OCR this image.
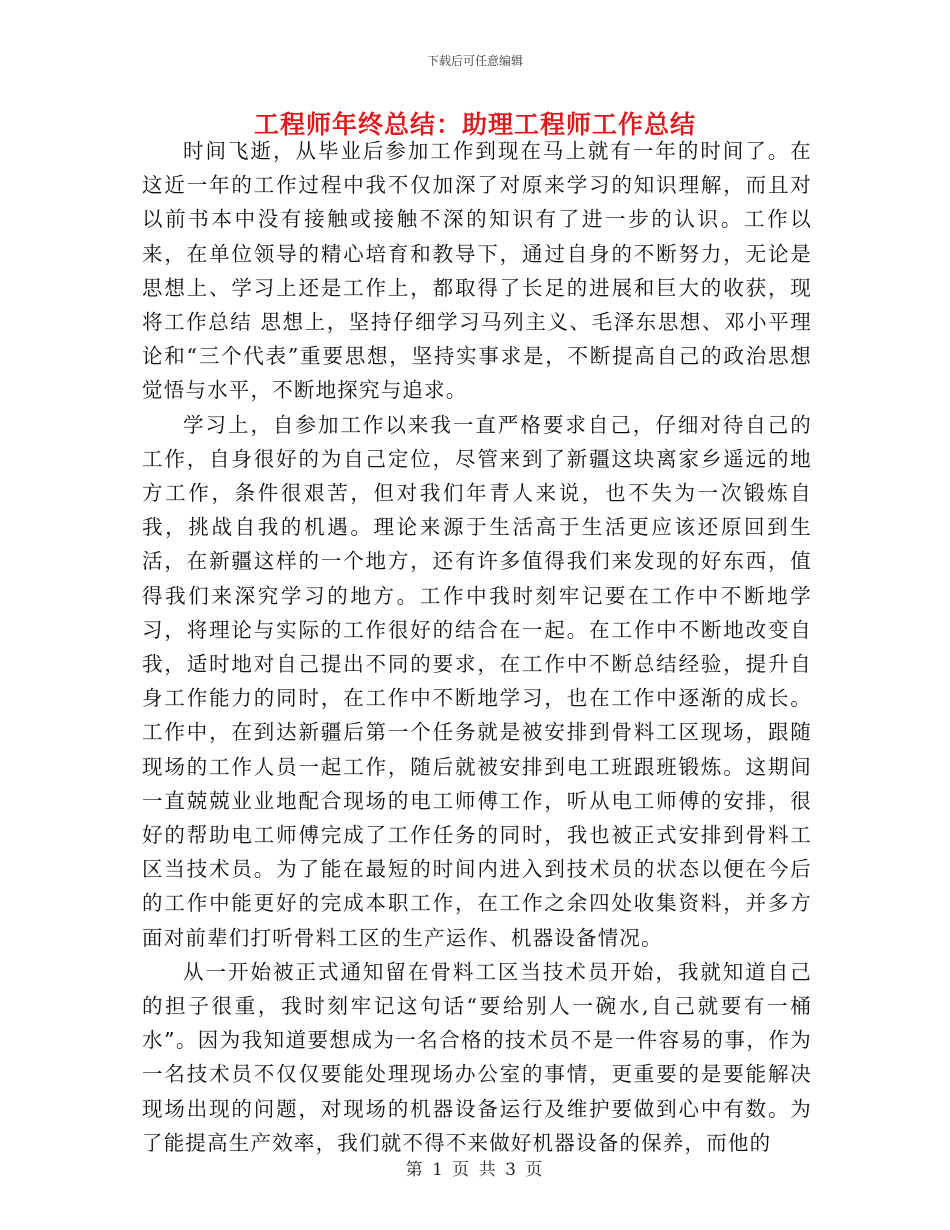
下载后可任意编辑
工程师年终总结：助理工程师工作总结

时间飞逝，从毕业后参加工作到现在马上就有一年的时间了。在这近一年的工作过程中我不仅加深了对原来学习的知识理解，而且对以前书本中没有接触或接触不深的知识有了进一步的认识。工作以来，在单位领导的精心培育和教导下，通过自身的不断努力，无论是思想上、学习上还是工作上，都取得了长足的进展和巨大的收获，现将工作总结 思想上，坚持仔细学习马列主义、毛泽东思想、邓小平理论和“三个代表”重要思想，坚持实事求是，不断提高自己的政治思想觉悟与水平，不断地探究与追求。

学习上，自参加工作以来我一直严格要求自己，仔细对待自己的工作，自身很好的为自己定位，尽管来到了新疆这块离家乡遥远的地方工作，条件很艰苦，但对我们年青人来说，也不失为一次锻炼自我，挑战自我的机遇。理论来源于生活高于生活更应该还原回到生活，在新疆这样的一个地方，还有许多值得我们来发现的好东西，值得我们来深究学习的地方。工作中我时刻牢记要在工作中不断地学习，将理论与实际的工作很好的结合在一起。在工作中不断地改变自我，适时地对自己提出不同的要求，在工作中不断总结经验，提升自身工作能力的同时，在工作中不断地学习，也在工作中逐渐的成长。 工作中，在到达新疆后第一个任务就是被安排到骨料工区现场，跟随现场的工作人员一起工作，随后就被安排到电工班跟班锻炼。这期间一直兢兢业业地配合现场的电工师傅工作，听从电工师傅的安排，很好的帮助电工师傅完成了工作任务的同时，我也被正式安排到骨料工区当技术员。为了能在最短的时间内进入到技术员的状态以便在今后的工作中能更好的完成本职工作，在工作之余四处收集资料，并多方面对前辈们打听骨料工区的生产运作、机器设备情况。

从一开始被正式通知留在骨料工区当技术员开始，我就知道自己的担子很重，我时刻牢记这句话“要给别人一碗水,自己就要有一桶水”。因为我知道要想成为一名合格的技术员不是一件容易的事，作为一名技术员不仅仅要能处理现场办公室的事情，更重要的是要能解决现场出现的问题，对现场的机器设备运行及维护要做到心中有数。为了能提高生产效率，我们就不得不来做好机器设备的保养，而他的

第 1 页 共 3 页
